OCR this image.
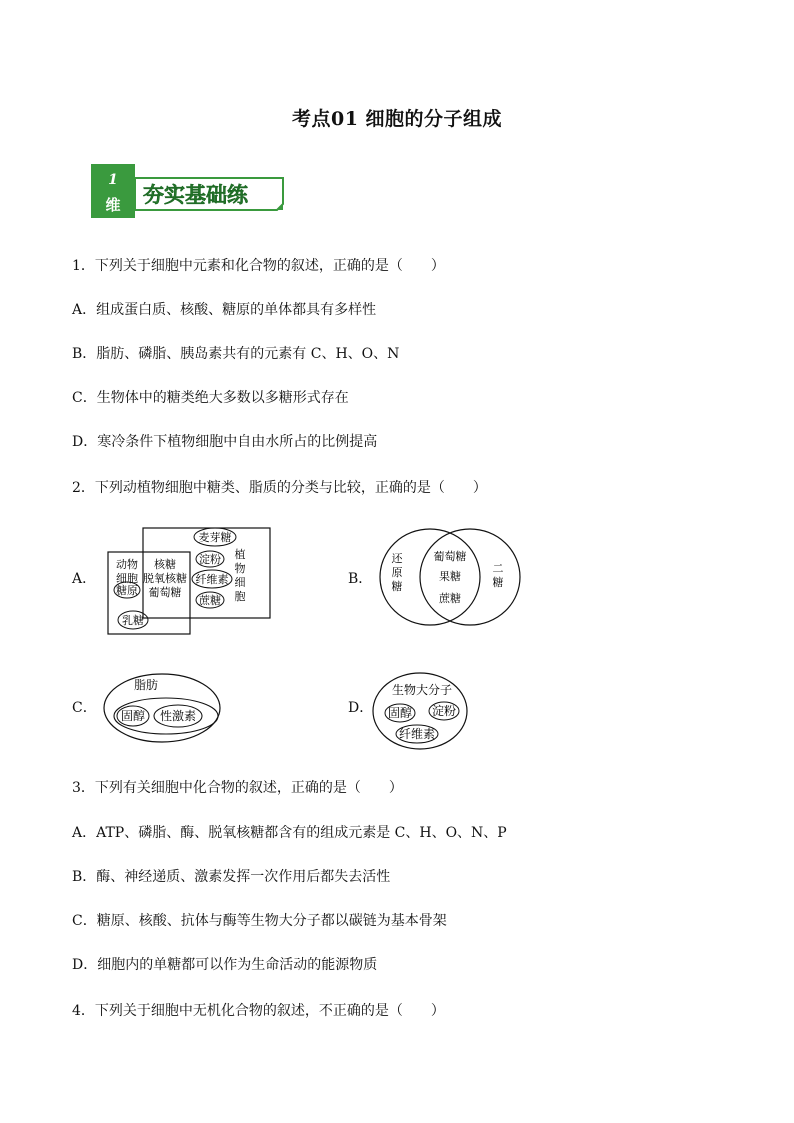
考点01 细胞的分子组成
1
维 夯实基础练
1．下列关于细胞中元素和化合物的叙述，正确的是（　　）
A．组成蛋白质、核酸、糖原的单体都具有多样性
B．脂肪、磷脂、胰岛素共有的元素有 C、H、O、N
C．生物体中的糖类绝大多数以多糖形式存在
D．寒冷条件下植物细胞中自由水所占的比例提高
2．下列动植物细胞中糖类、脂质的分类与比较，正确的是（　　）
A．
动物
细胞
糖原
核糖
脱氧核糖
葡萄糖
乳糖
麦芽糖
淀粉
纤维素
蔗糖
植
物
细
胞
B．
还
原
糖
葡萄糖
果糖
蔗糖
二
糖
C．
脂肪
固醇 性激素	D．
生物大分子
固醇 淀粉
纤维素
3．下列有关细胞中化合物的叙述，正确的是（　　）
A．ATP、磷脂、酶、脱氧核糖都含有的组成元素是 C、H、O、N、P
B．酶、神经递质、激素发挥一次作用后都失去活性
C．糖原、核酸、抗体与酶等生物大分子都以碳链为基本骨架
D．细胞内的单糖都可以作为生命活动的能源物质
4．下列关于细胞中无机化合物的叙述，不正确的是（　　）
